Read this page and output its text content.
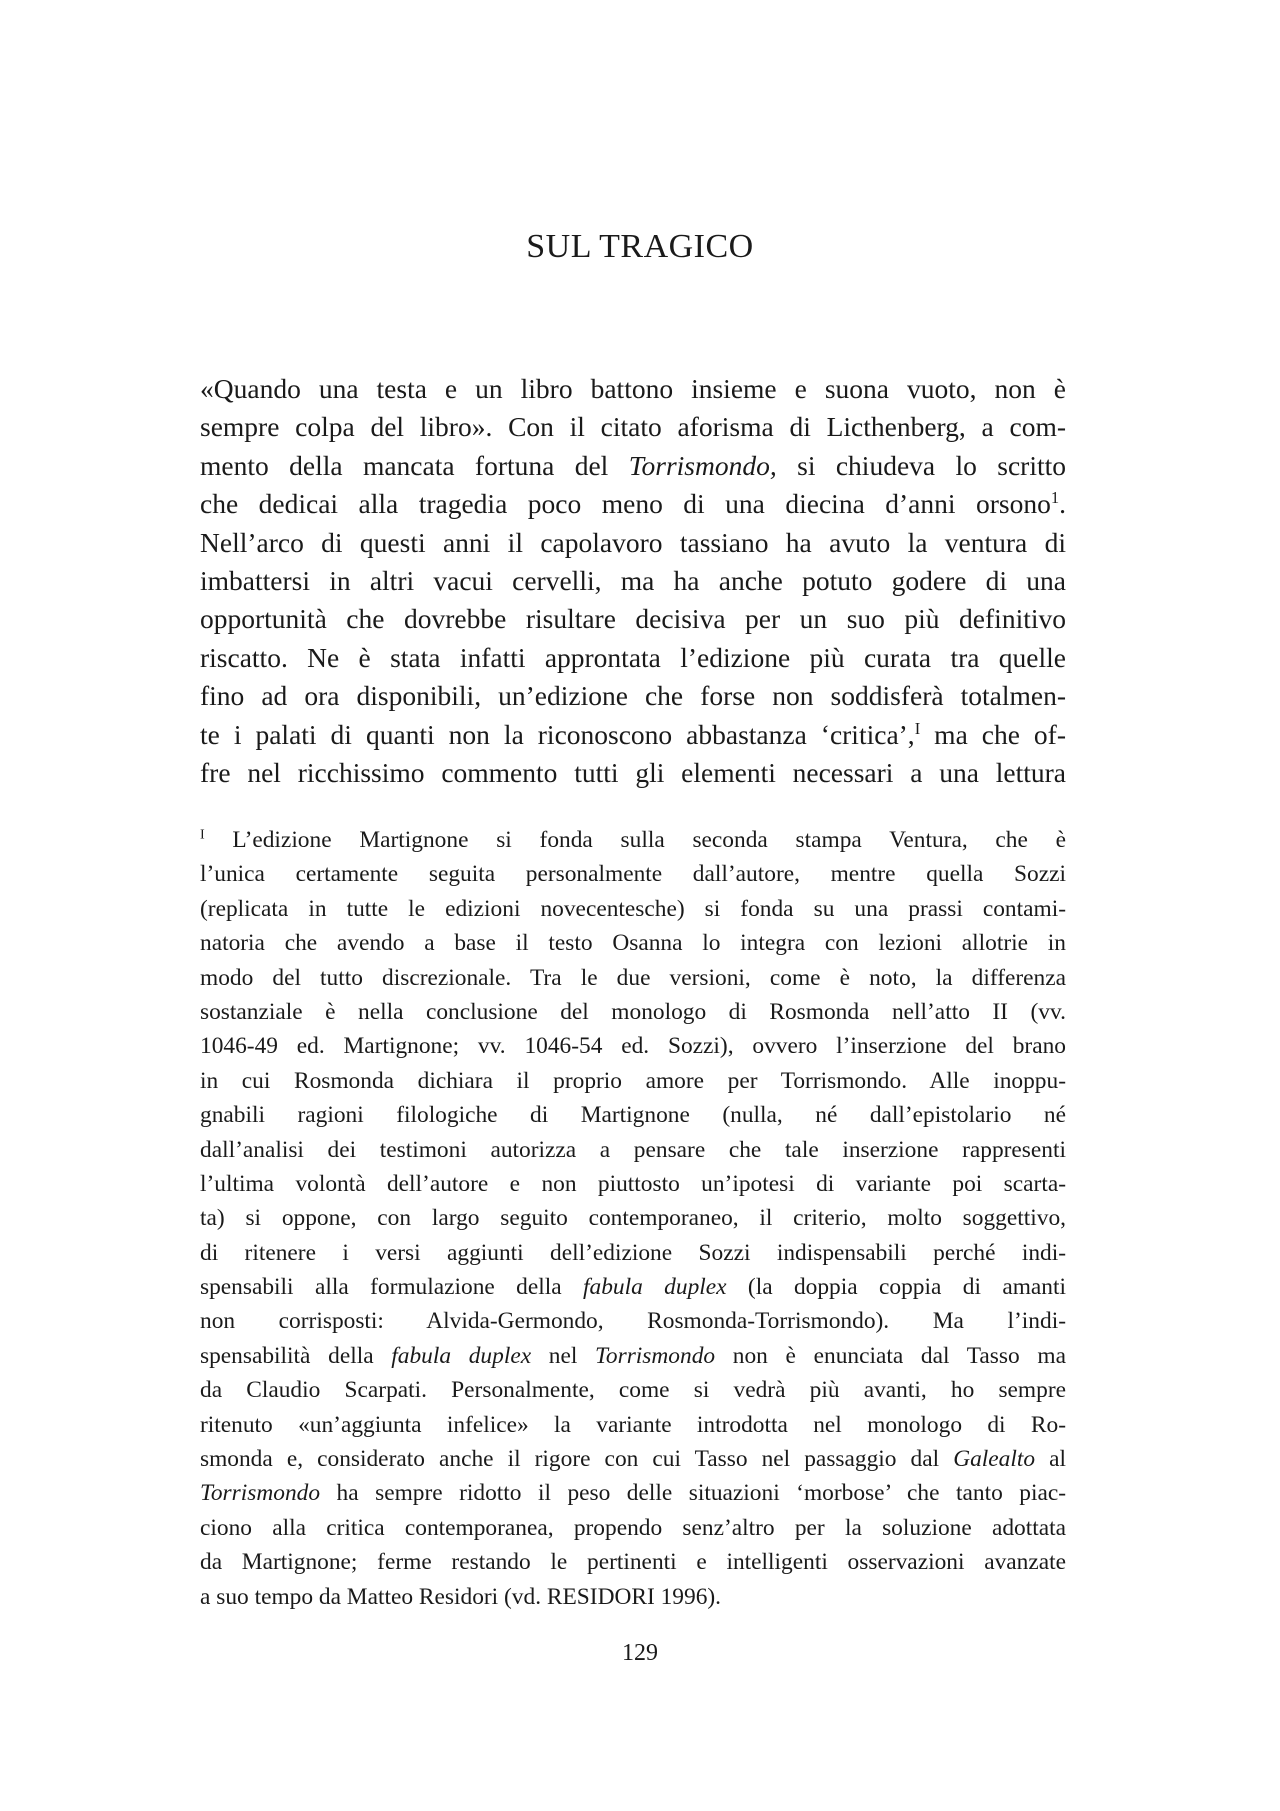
SUL TRAGICO
«Quando una testa e un libro battono insieme e suona vuoto, non è
sempre colpa del libro». Con il citato aforisma di Licthenberg, a com-
mento della mancata fortuna del Torrismondo, si chiudeva lo scritto
che dedicai alla tragedia poco meno di una diecina d’anni orsono$^1$.
Nell’arco di questi anni il capolavoro tassiano ha avuto la ventura di
imbattersi in altri vacui cervelli, ma ha anche potuto godere di una
opportunità che dovrebbe risultare decisiva per un suo più definitivo
riscatto. Ne è stata infatti approntata l’edizione più curata tra quelle
fino ad ora disponibili, un’edizione che forse non soddisferà totalmen-
te i palati di quanti non la riconoscono abbastanza ‘critica’,$^I$ ma che of-
fre nel ricchissimo commento tutti gli elementi necessari a una lettura
$^I$ L’edizione Martignone si fonda sulla seconda stampa Ventura, che è
l’unica certamente seguita personalmente dall’autore, mentre quella Sozzi
(replicata in tutte le edizioni novecentesche) si fonda su una prassi contami-
natoria che avendo a base il testo Osanna lo integra con lezioni allotrie in
modo del tutto discrezionale. Tra le due versioni, come è noto, la differenza
sostanziale è nella conclusione del monologo di Rosmonda nell’atto II (vv.
1046-49 ed. Martignone; vv. 1046-54 ed. Sozzi), ovvero l’inserzione del brano
in cui Rosmonda dichiara il proprio amore per Torrismondo. Alle inoppu-
gnabili ragioni filologiche di Martignone (nulla, né dall’epistolario né
dall’analisi dei testimoni autorizza a pensare che tale inserzione rappresenti
l’ultima volontà dell’autore e non piuttosto un’ipotesi di variante poi scarta-
ta) si oppone, con largo seguito contemporaneo, il criterio, molto soggettivo,
di ritenere i versi aggiunti dell’edizione Sozzi indispensabili perché indi-
spensabili alla formulazione della fabula duplex (la doppia coppia di amanti
non corrisposti: Alvida-Germondo, Rosmonda-Torrismondo). Ma l’indi-
spensabilità della fabula duplex nel Torrismondo non è enunciata dal Tasso ma
da Claudio Scarpati. Personalmente, come si vedrà più avanti, ho sempre
ritenuto «un’aggiunta infelice» la variante introdotta nel monologo di Ro-
smonda e, considerato anche il rigore con cui Tasso nel passaggio dal Galealto al
Torrismondo ha sempre ridotto il peso delle situazioni ‘morbose’ che tanto piac-
ciono alla critica contemporanea, propendo senz’altro per la soluzione adottata
da Martignone; ferme restando le pertinenti e intelligenti osservazioni avanzate
a suo tempo da Matteo Residori (vd. RESIDORI 1996).
129
